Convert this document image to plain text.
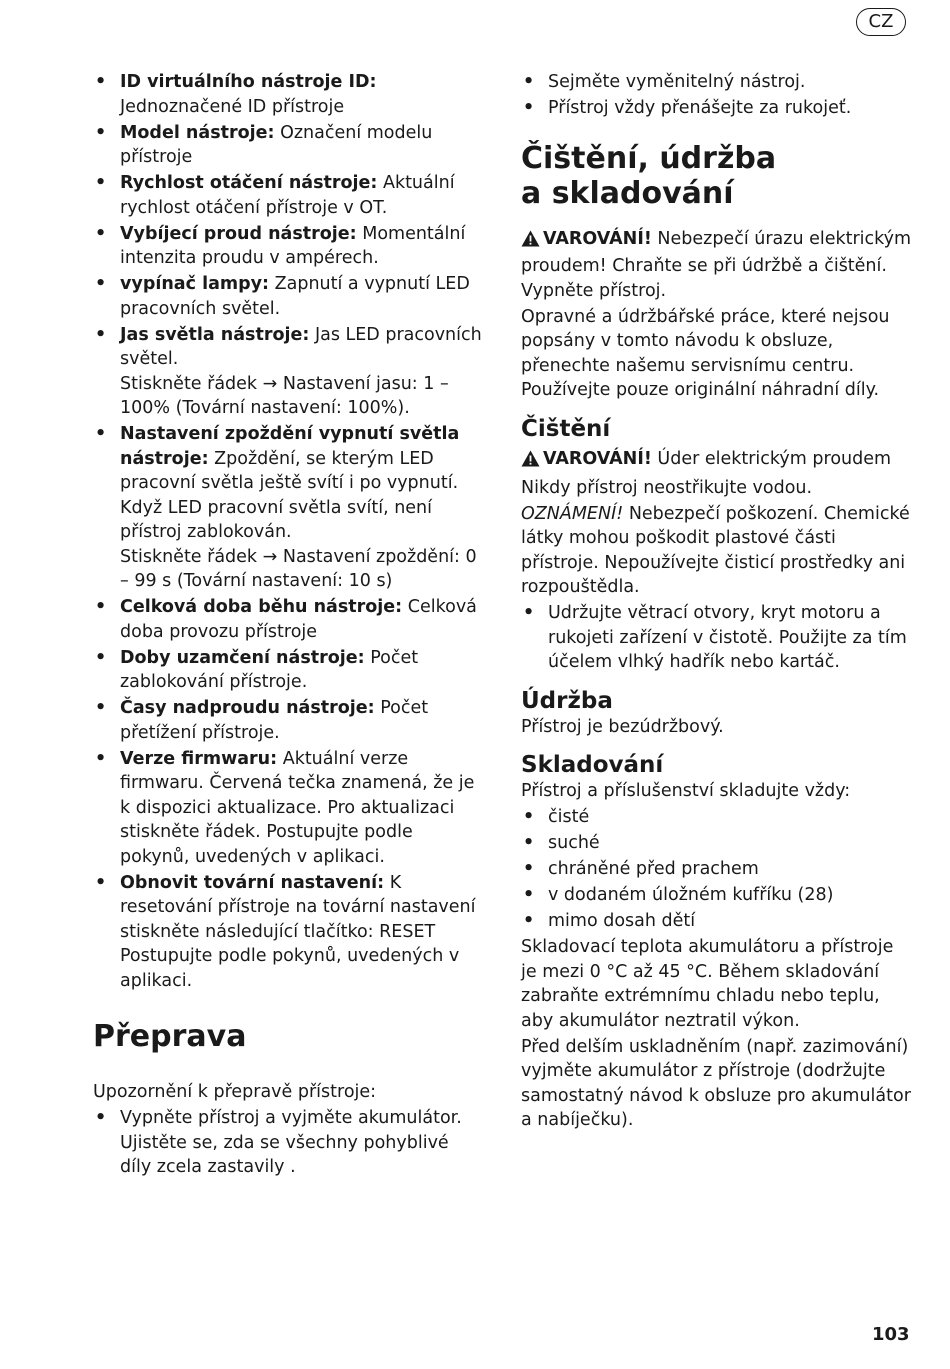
CZ
• ID virtuálního nástroje ID: Jednoznačené ID přístroje
• Model nástroje: Označení modelu přístroje
• Rychlost otáčení nástroje: Aktuální rychlost otáčení přístroje v OT.
• Vybíjecí proud nástroje: Momentální intenzita proudu v ampérech.
• vypínač lampy: Zapnutí a vypnutí LED pracovních světel.
• Jas světla nástroje: Jas LED pracovních světel.
Stiskněte řádek → Nastavení jasu: 1 – 100% (Tovární nastavení: 100%).
• Nastavení zpoždění vypnutí světla nástroje: Zpoždění, se kterým LED pracovní světla ještě svítí i po vypnutí. Když LED pracovní světla svítí, není přístroj zablokován.
Stiskněte řádek → Nastavení zpoždění: 0 – 99 s (Tovární nastavení: 10 s)
• Celková doba běhu nástroje: Celková doba provozu přístroje
• Doby uzamčení nástroje: Počet zablokování přístroje.
• Časy nadproudu nástroje: Počet přetížení přístroje.
• Verze firmwaru: Aktuální verze firmwaru. Červená tečka znamená, že je k dispozici aktualizace. Pro aktualizaci stiskněte řádek. Postupujte podle pokynů, uvedených v aplikaci.
• Obnovit tovární nastavení: K resetování přístroje na tovární nastavení stiskněte následující tlačítko: RESET
Postupujte podle pokynů, uvedených v aplikaci.
Přeprava

Upozornění k přepravě přístroje:

• Vypněte přístroj a vyjměte akumulátor. Ujistěte se, zda se všechny pohyblivé díly zcela zastavily .
• Sejměte vyměnitelný nástroj.
• Přístroj vždy přenášejte za rukojeť.
Čištění, údržba
a skladování

VAROVÁNÍ! Nebezpečí úrazu elektrickým proudem! Chraňte se při údržbě a čištění. Vypněte přístroj.

Opravné a údržbářské práce, které nejsou popsány v tomto návodu k obsluze, přenechte našemu servisnímu centru. Používejte pouze originální náhradní díly.

Čištění

VAROVÁNÍ! Úder elektrickým proudem

Nikdy přístroj neostřikujte vodou.

OZNÁMENÍ! Nebezpečí poškození. Chemické látky mohou poškodit plastové části přístroje. Nepoužívejte čisticí prostředky ani rozpouštědla.

• Udržujte větrací otvory, kryt motoru a rukojeti zařízení v čistotě. Použijte za tím účelem vlhký hadřík nebo kartáč.
Údržba

Přístroj je bezúdržbový.

Skladování

Přístroj a příslušenství skladujte vždy:

• čisté
• suché
• chráněné před prachem
• v dodaném úložném kufříku (28)
• mimo dosah dětí

Skladovací teplota akumulátoru a přístroje je mezi 0 °C až 45 °C. Během skladování zabraňte extrémnímu chladu nebo teplu, aby akumulátor neztratil výkon.

Před delším uskladněním (např. zazimování) vyjměte akumulátor z přístroje (dodržujte samostatný návod k obsluze pro akumulátor a nabíječku).

103
